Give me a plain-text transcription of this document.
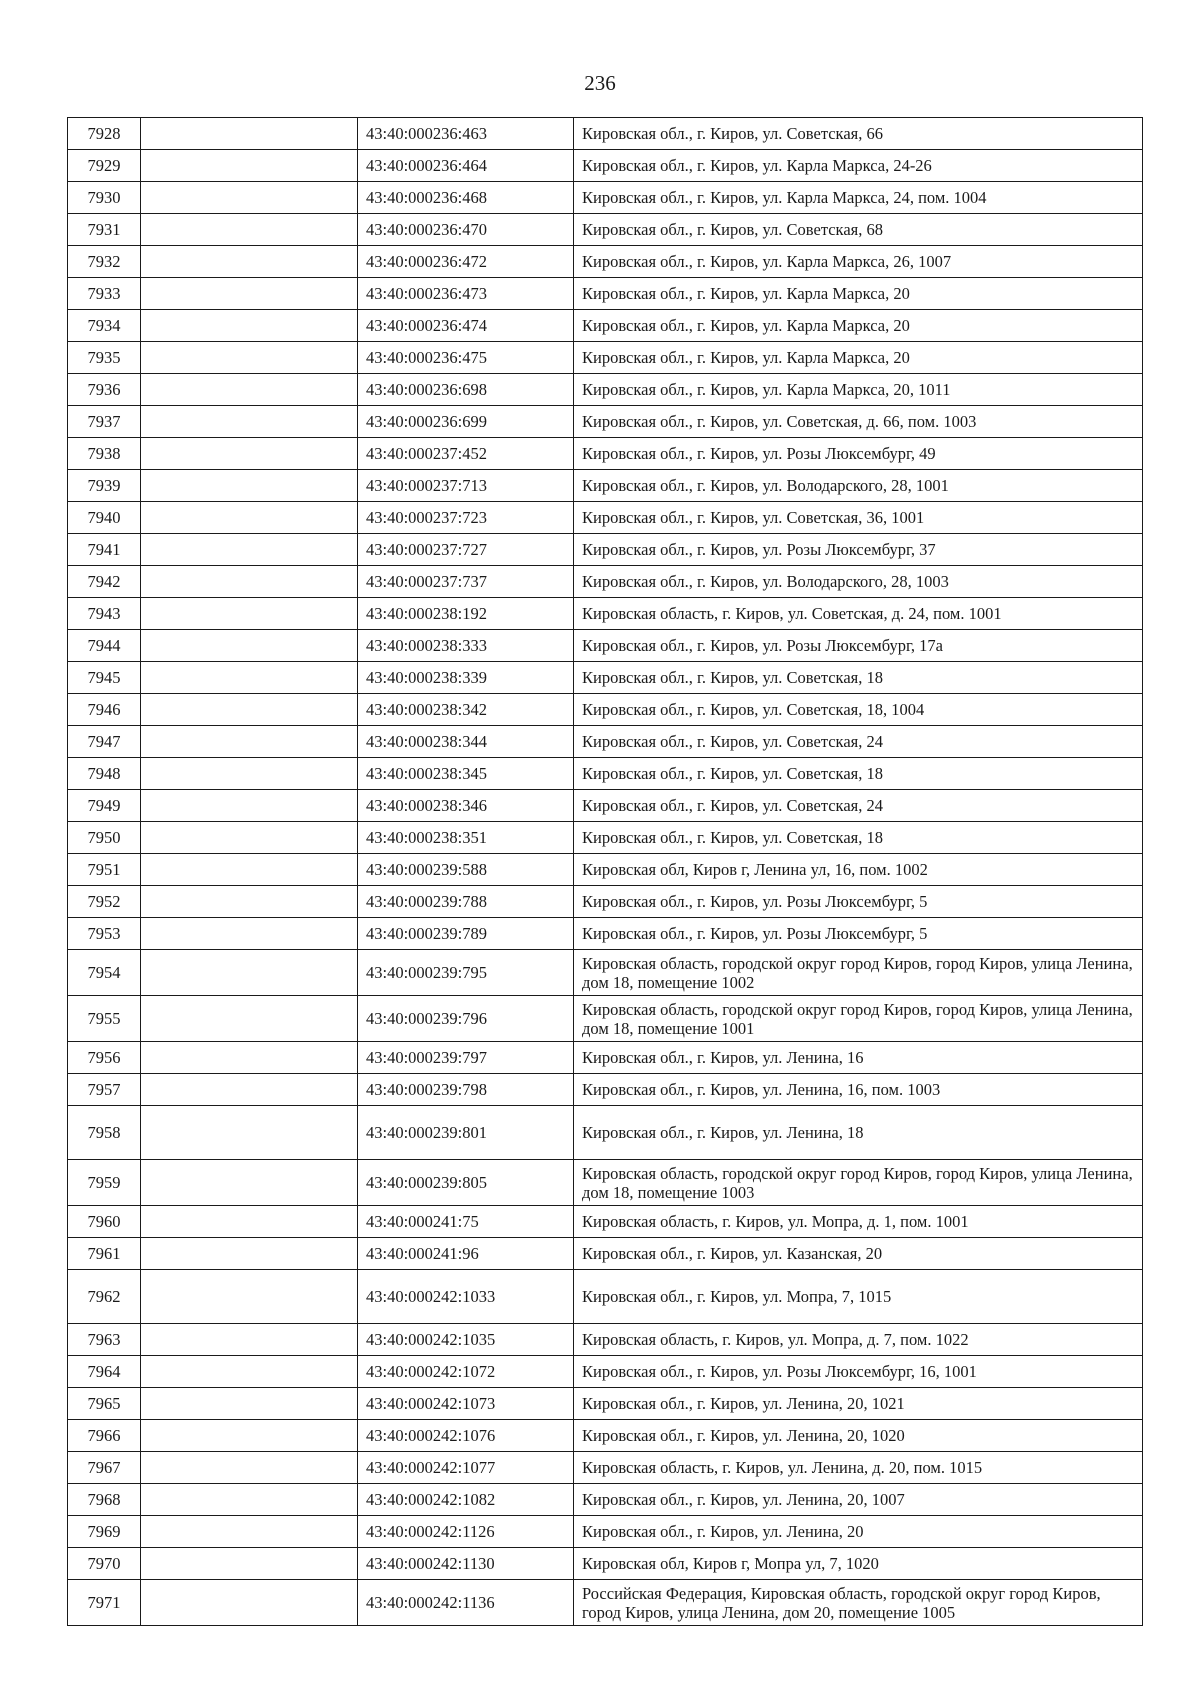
236
7928		43:40:000236:463	Кировская обл., г. Киров, ул. Советская, 66
7929		43:40:000236:464	Кировская обл., г. Киров, ул. Карла Маркса, 24-26
7930		43:40:000236:468	Кировская обл., г. Киров, ул. Карла Маркса, 24, пом. 1004
7931		43:40:000236:470	Кировская обл., г. Киров, ул. Советская, 68
7932		43:40:000236:472	Кировская обл., г. Киров, ул. Карла Маркса, 26, 1007
7933		43:40:000236:473	Кировская обл., г. Киров, ул. Карла Маркса, 20
7934		43:40:000236:474	Кировская обл., г. Киров, ул. Карла Маркса, 20
7935		43:40:000236:475	Кировская обл., г. Киров, ул. Карла Маркса, 20
7936		43:40:000236:698	Кировская обл., г. Киров, ул. Карла Маркса, 20, 1011
7937		43:40:000236:699	Кировская обл., г. Киров, ул. Советская, д. 66, пом. 1003
7938		43:40:000237:452	Кировская обл., г. Киров, ул. Розы Люксембург, 49
7939		43:40:000237:713	Кировская обл., г. Киров, ул. Володарского, 28, 1001
7940		43:40:000237:723	Кировская обл., г. Киров, ул. Советская, 36, 1001
7941		43:40:000237:727	Кировская обл., г. Киров, ул. Розы Люксембург, 37
7942		43:40:000237:737	Кировская обл., г. Киров, ул. Володарского, 28, 1003
7943		43:40:000238:192	Кировская область, г. Киров, ул. Советская, д. 24, пом. 1001
7944		43:40:000238:333	Кировская обл., г. Киров, ул. Розы Люксембург, 17а
7945		43:40:000238:339	Кировская обл., г. Киров, ул. Советская, 18
7946		43:40:000238:342	Кировская обл., г. Киров, ул. Советская, 18, 1004
7947		43:40:000238:344	Кировская обл., г. Киров, ул. Советская, 24
7948		43:40:000238:345	Кировская обл., г. Киров, ул. Советская, 18
7949		43:40:000238:346	Кировская обл., г. Киров, ул. Советская, 24
7950		43:40:000238:351	Кировская обл., г. Киров, ул. Советская, 18
7951		43:40:000239:588	Кировская обл, Киров г, Ленина ул, 16, пом. 1002
7952		43:40:000239:788	Кировская обл., г. Киров, ул. Розы Люксембург, 5
7953		43:40:000239:789	Кировская обл., г. Киров, ул. Розы Люксембург, 5
7954		43:40:000239:795	Кировская область, городской округ город Киров, город Киров, улица Ленина, дом 18, помещение 1002
7955		43:40:000239:796	Кировская область, городской округ город Киров, город Киров, улица Ленина, дом 18, помещение 1001
7956		43:40:000239:797	Кировская обл., г. Киров, ул. Ленина, 16
7957		43:40:000239:798	Кировская обл., г. Киров, ул. Ленина, 16, пом. 1003
7958		43:40:000239:801	Кировская обл., г. Киров, ул. Ленина, 18
7959		43:40:000239:805	Кировская область, городской округ город Киров, город Киров, улица Ленина, дом 18, помещение 1003
7960		43:40:000241:75	Кировская область, г. Киров, ул. Мопра, д. 1, пом. 1001
7961		43:40:000241:96	Кировская обл., г. Киров, ул. Казанская, 20
7962		43:40:000242:1033	Кировская обл., г. Киров, ул. Мопра, 7, 1015
7963		43:40:000242:1035	Кировская область, г. Киров, ул. Мопра, д. 7, пом. 1022
7964		43:40:000242:1072	Кировская обл., г. Киров, ул. Розы Люксембург, 16, 1001
7965		43:40:000242:1073	Кировская обл., г. Киров, ул. Ленина, 20, 1021
7966		43:40:000242:1076	Кировская обл., г. Киров, ул. Ленина, 20, 1020
7967		43:40:000242:1077	Кировская область, г. Киров, ул. Ленина, д. 20, пом. 1015
7968		43:40:000242:1082	Кировская обл., г. Киров, ул. Ленина, 20, 1007
7969		43:40:000242:1126	Кировская обл., г. Киров, ул. Ленина, 20
7970		43:40:000242:1130	Кировская обл, Киров г, Мопра ул, 7, 1020
7971		43:40:000242:1136	Российская Федерация, Кировская область, городской округ город Киров, город Киров, улица Ленина, дом 20, помещение 1005
